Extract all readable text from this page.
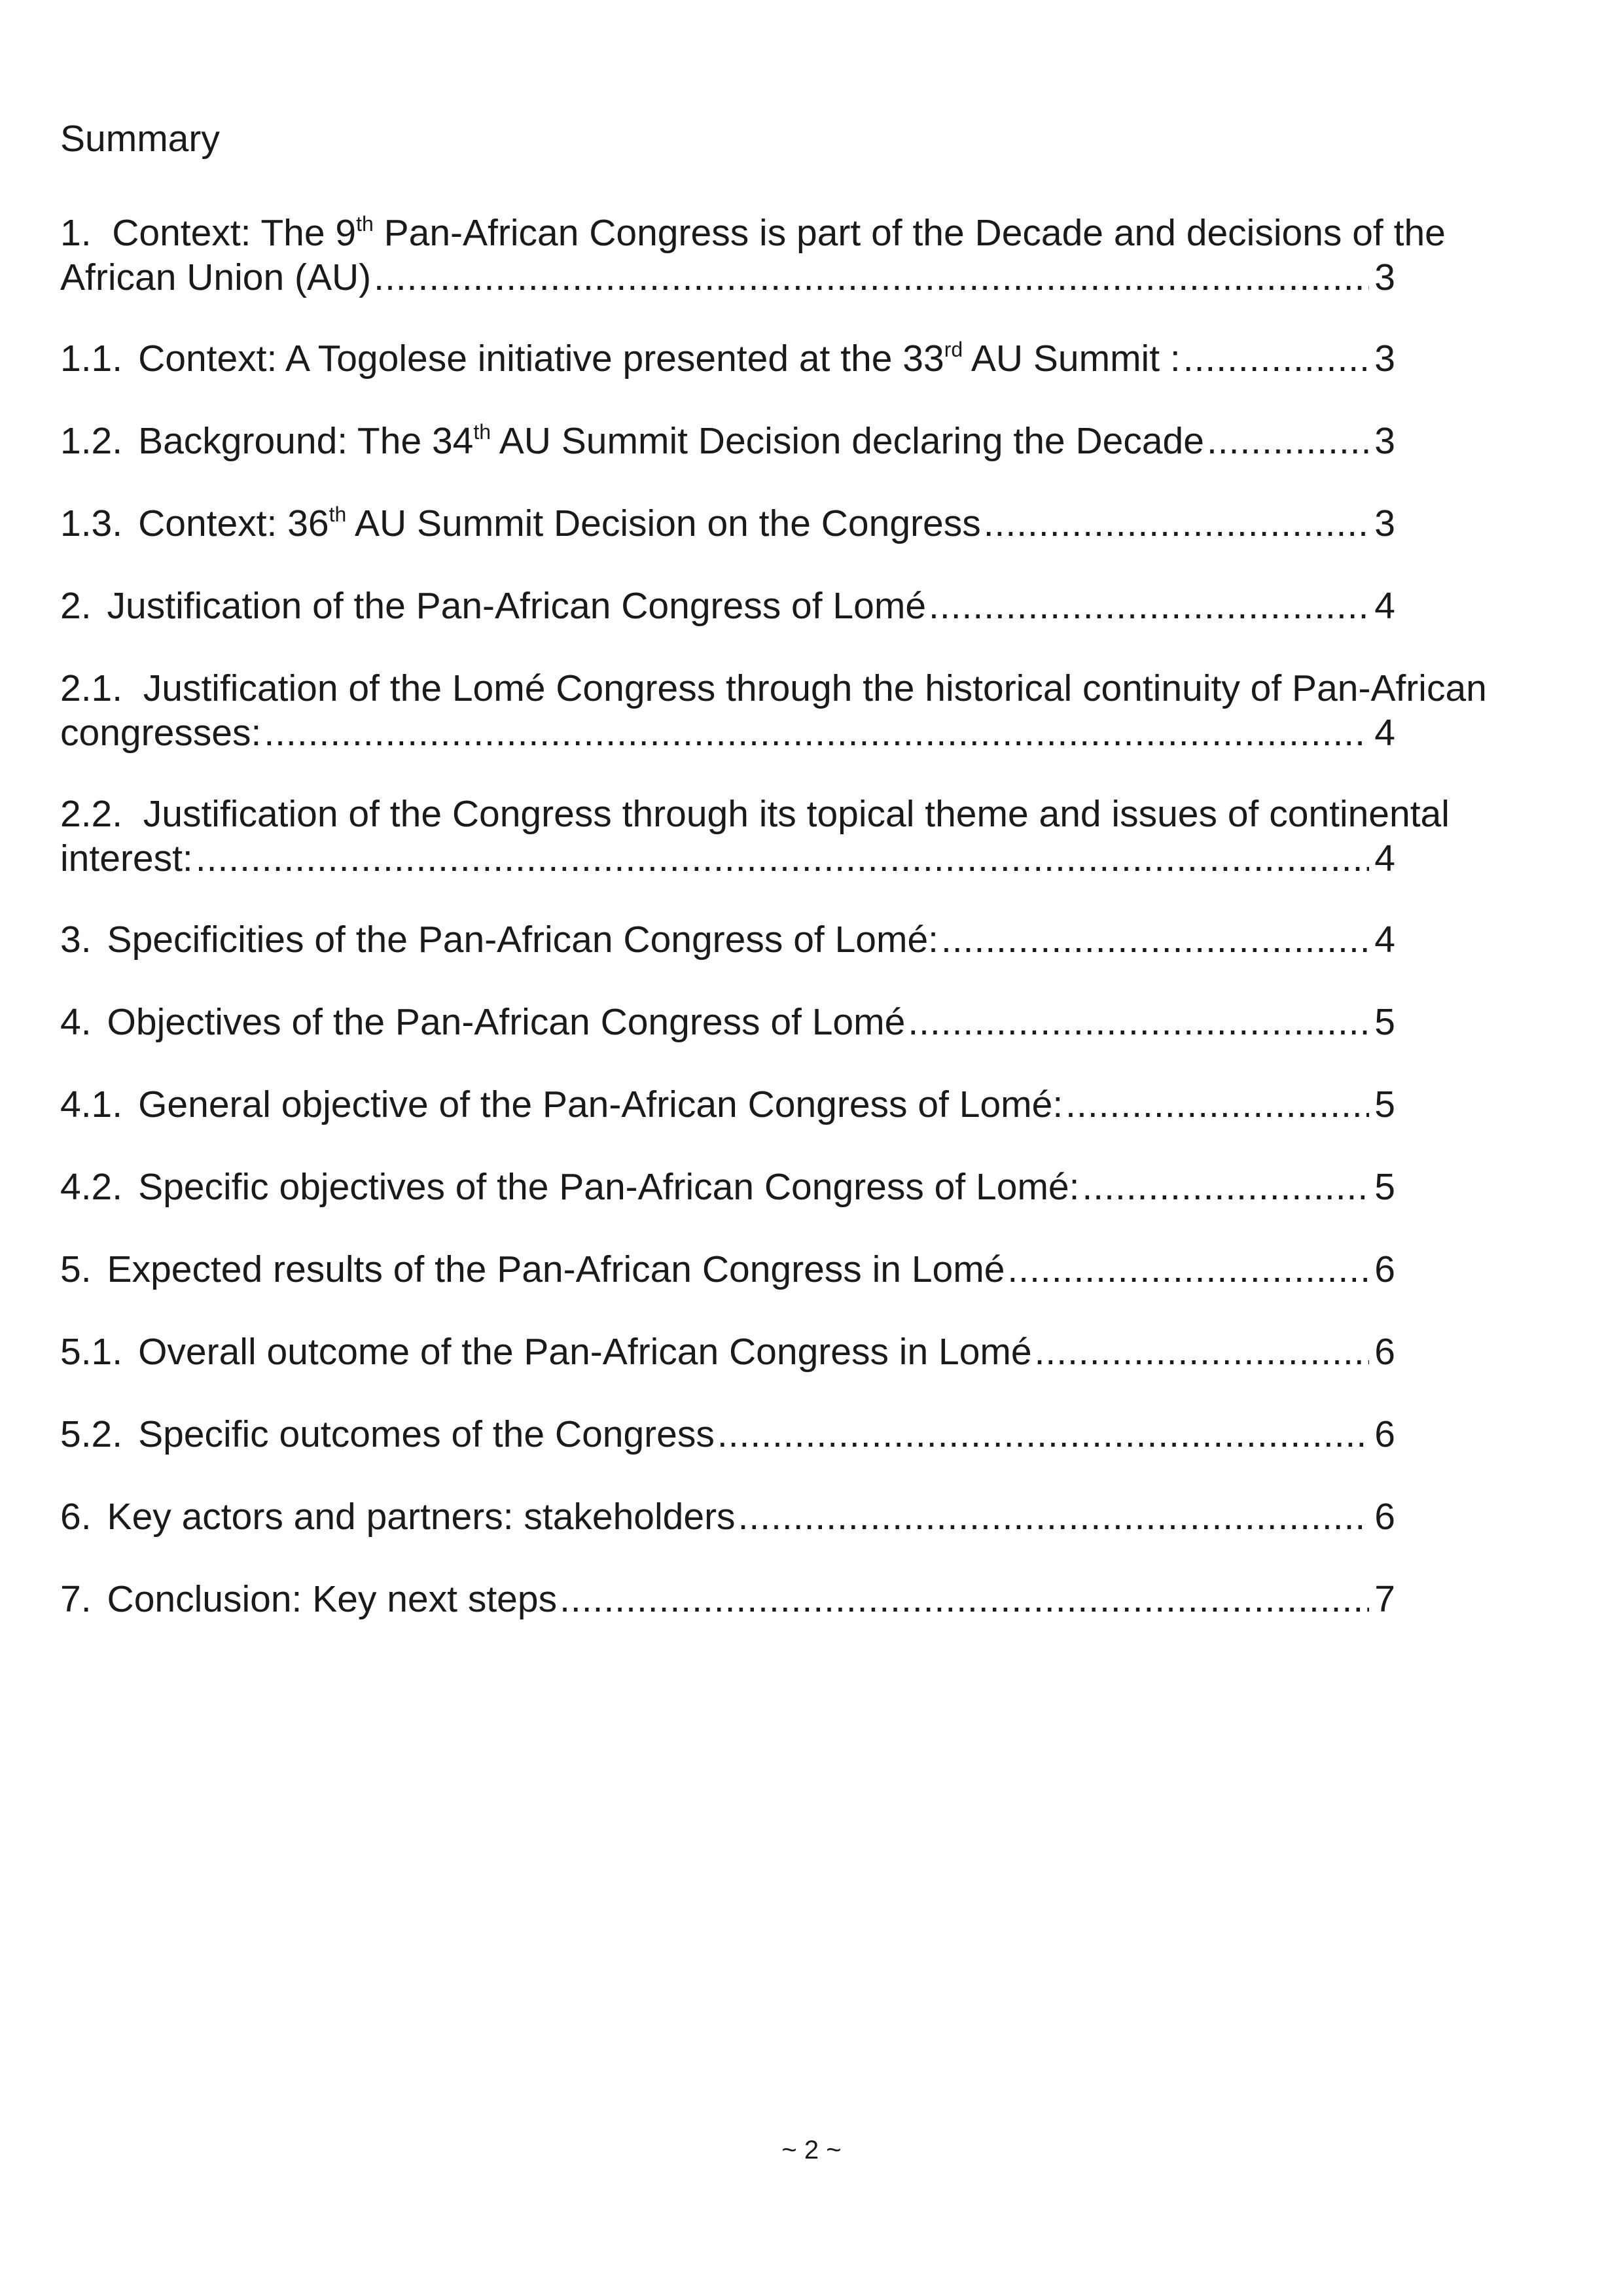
Summary
1. Context: The 9th Pan-African Congress is part of the Decade and decisions of the
African Union (AU) .....	3
1.1. Context: A Togolese initiative presented at the 33rd AU Summit : .....	3
1.2. Background: The 34th AU Summit Decision declaring the Decade .....	3
1.3. Context: 36th AU Summit Decision on the Congress .....	3
2. Justification of the Pan-African Congress of Lomé .....	4
2.1. Justification of the Lomé Congress through the historical continuity of Pan-African
congresses: .....	4
2.2. Justification of the Congress through its topical theme and issues of continental
interest: .....	4
3. Specificities of the Pan-African Congress of Lomé: .....	4
4. Objectives of the Pan-African Congress of Lomé .....	5
4.1. General objective of the Pan-African Congress of Lomé: .....	5
4.2. Specific objectives of the Pan-African Congress of Lomé: .....	5
5. Expected results of the Pan-African Congress in Lomé .....	6
5.1. Overall outcome of the Pan-African Congress in Lomé .....	6
5.2. Specific outcomes of the Congress .....	6
6. Key actors and partners: stakeholders .....	6
7. Conclusion: Key next steps .....	7
~ 2 ~
